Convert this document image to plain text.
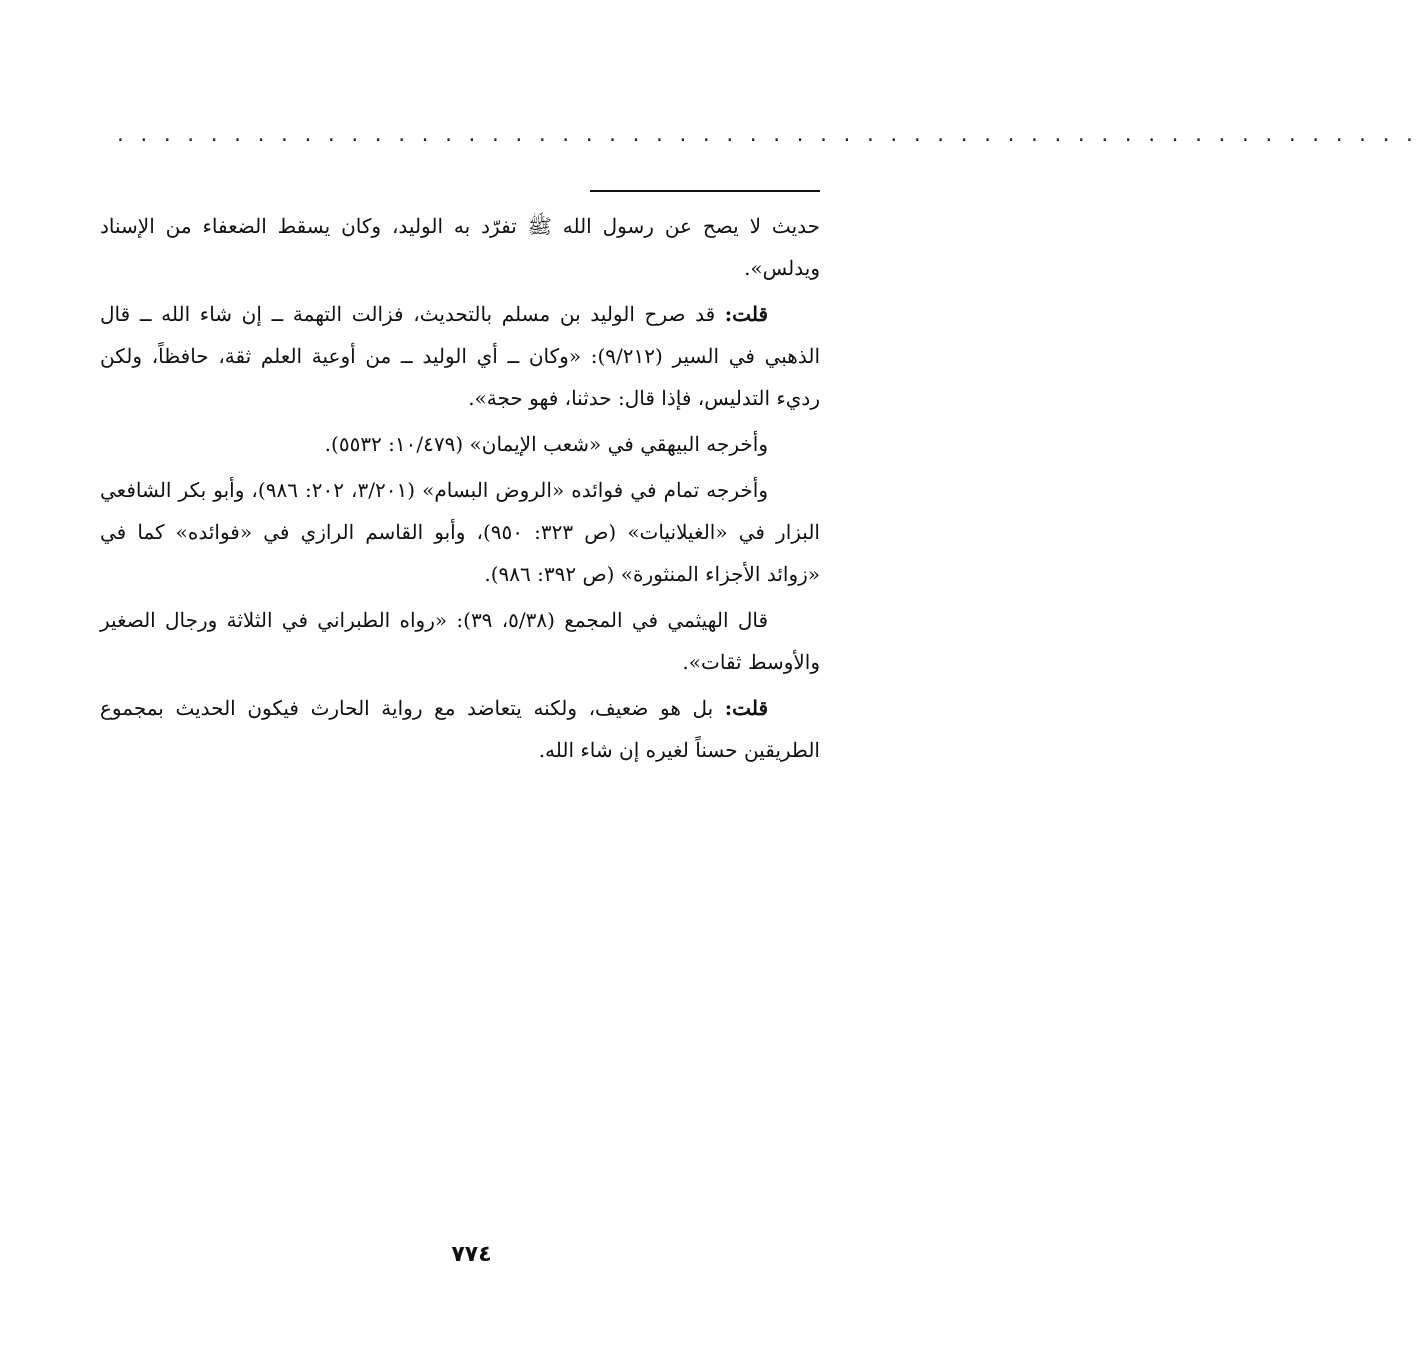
........................................................

حديث لا يصح عن رسول الله ﷺ تفرّد به الوليد، وكان يسقط الضعفاء من الإسناد ويدلس».

قلت: قد صرح الوليد بن مسلم بالتحديث، فزالت التهمة ــ إن شاء الله ــ قال الذهبي في السير (٩/٢١٢): «وكان ــ أي الوليد ــ من أوعية العلم ثقة، حافظاً، ولكن رديء التدليس، فإذا قال: حدثنا، فهو حجة».

وأخرجه البيهقي في «شعب الإيمان» (١٠/٤٧٩: ٥٥٣٢).

وأخرجه تمام في فوائده «الروض البسام» (٣/٢٠١، ٢٠٢: ٩٨٦)، وأبو بكر الشافعي البزار في «الغيلانيات» (ص ٣٢٣: ٩٥٠)، وأبو القاسم الرازي في «فوائده» كما في «زوائد الأجزاء المنثورة» (ص ٣٩٢: ٩٨٦).

قال الهيثمي في المجمع (٥/٣٨، ٣٩): «رواه الطبراني في الثلاثة ورجال الصغير والأوسط ثقات».

قلت: بل هو ضعيف، ولكنه يتعاضد مع رواية الحارث فيكون الحديث بمجموع الطريقين حسناً لغيره إن شاء الله.

٧٧٤
